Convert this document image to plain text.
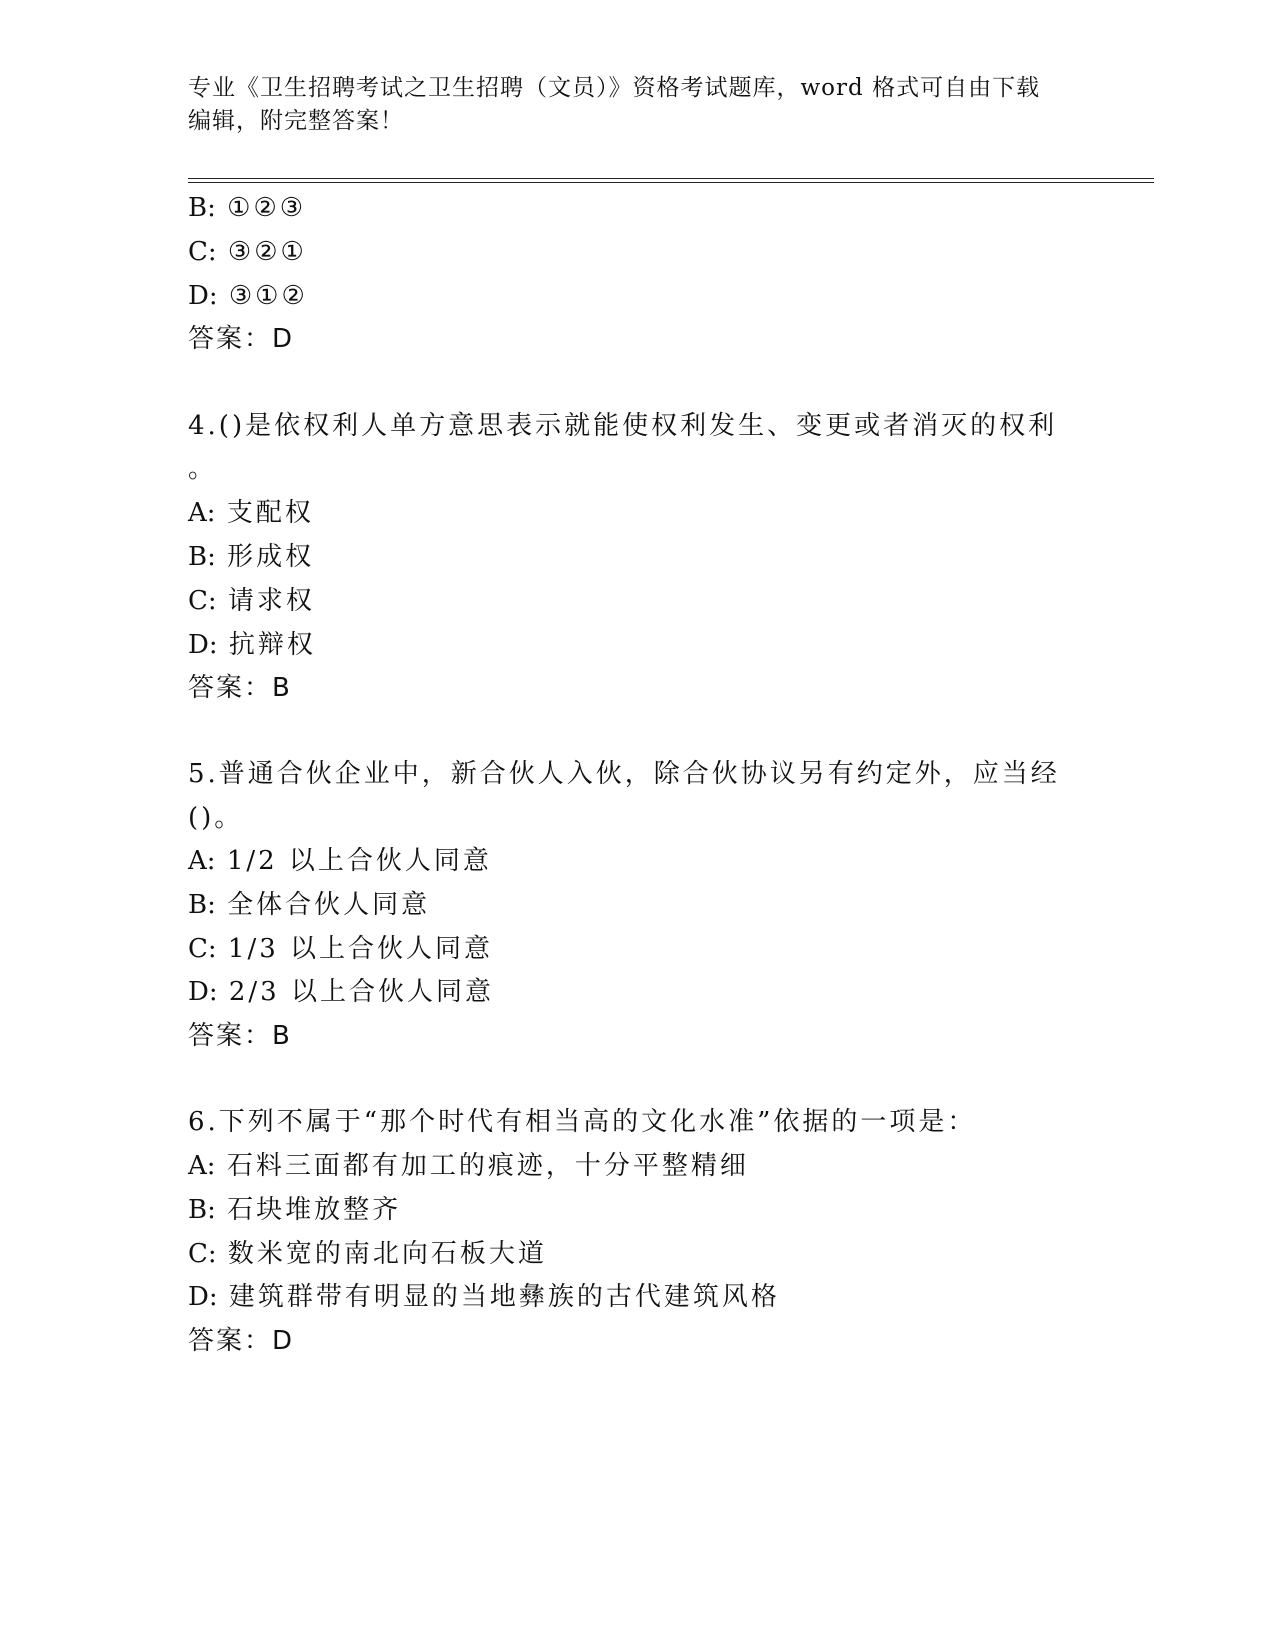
专业《卫生招聘考试之卫生招聘（文员）》资格考试题库，word 格式可自由下载
编辑，附完整答案！
B: ①②③
C: ③②①
D: ③①②
答案：D
4.()是依权利人单方意思表示就能使权利发生、变更或者消灭的权利
。
A: 支配权
B: 形成权
C: 请求权
D: 抗辩权
答案：B
5.普通合伙企业中，新合伙人入伙，除合伙协议另有约定外，应当经
()。
A: 1/2 以上合伙人同意
B: 全体合伙人同意
C: 1/3 以上合伙人同意
D: 2/3 以上合伙人同意
答案：B
6.下列不属于“那个时代有相当高的文化水准”依据的一项是：
A: 石料三面都有加工的痕迹，十分平整精细
B: 石块堆放整齐
C: 数米宽的南北向石板大道
D: 建筑群带有明显的当地彝族的古代建筑风格
答案：D
